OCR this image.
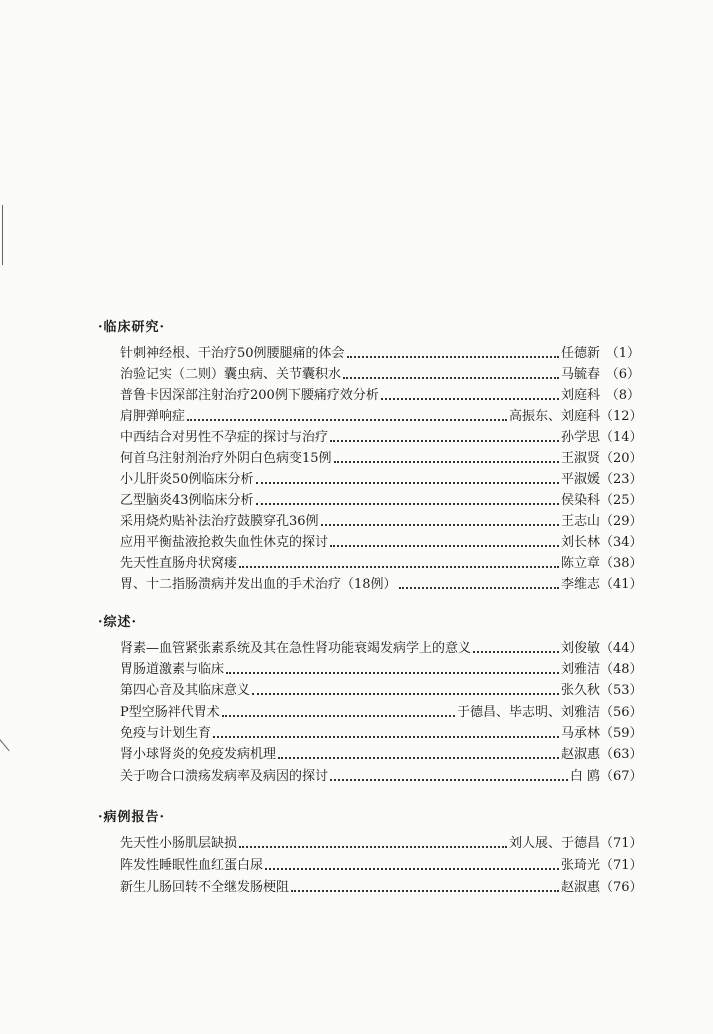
·临床研究·
针刺神经根、干治疗50例腰腿痛的体会	任德新 （1）
治验记实（二则）囊虫病、关节囊积水	马毓春 （6）
普鲁卡因深部注射治疗200例下腰痛疗效分析	刘庭科 （8）
肩胛弹响症	高振东、刘庭科 （12）
中西结合对男性不孕症的探讨与治疗	孙学思 （14）
何首乌注射剂治疗外阴白色病变15例	王淑贤 （20）
小儿肝炎50例临床分析	平淑媛 （23）
乙型脑炎43例临床分析	侯染科 （25）
采用烧灼贴补法治疗鼓膜穿孔36例	王志山 （29）
应用平衡盐液抢救失血性休克的探讨	刘长林 （34）
先天性直肠舟状窝瘘	陈立章 （38）
胃、十二指肠溃病并发出血的手术治疗（18例）	李维志 （41）
·综述·
肾素—血管紧张素系统及其在急性肾功能衰竭发病学上的意义	刘俊敏 （44）
胃肠道激素与临床	刘雅洁 （48）
第四心音及其临床意义	张久秋 （53）
P型空肠袢代胃术	于德昌、毕志明、刘雅洁 （56）
免疫与计划生育	马承林 （59）
肾小球肾炎的免疫发病机理	赵淑惠 （63）
关于吻合口溃疡发病率及病因的探讨	白 鸥 （67）
·病例报告·
先天性小肠肌层缺损	刘人展、于德昌 （71）
阵发性睡眠性血红蛋白尿	张琦光 （71）
新生儿肠回转不全继发肠梗阻	赵淑惠 （76）
